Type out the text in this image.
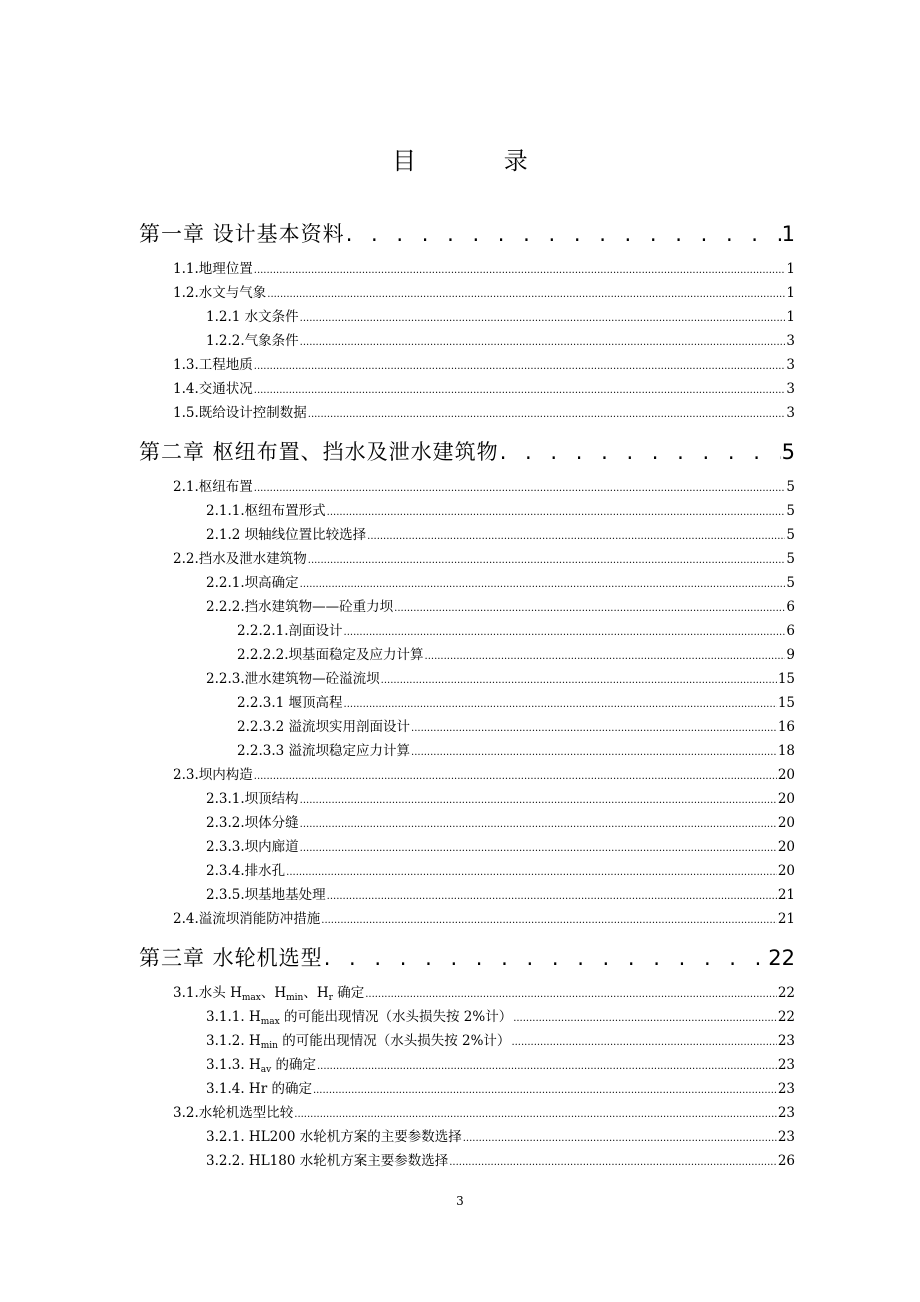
目 录
第一章 设计基本资料 . . .	1
1.1.地理位置 .....	1
1.2.水文与气象 .....	1
1.2.1 水文条件 .....	1
1.2.2.气象条件 .....	3
1.3.工程地质 .....	3
1.4.交通状况 .....	3
1.5.既给设计控制数据 .....	3
第二章 枢纽布置、挡水及泄水建筑物 . . .	5
2.1.枢纽布置 .....	5
2.1.1.枢纽布置形式 .....	5
2.1.2 坝轴线位置比较选择 .....	5
2.2.挡水及泄水建筑物 .....	5
2.2.1.坝高确定 .....	5
2.2.2.挡水建筑物——砼重力坝 .....	6
2.2.2.1.剖面设计 .....	6
2.2.2.2.坝基面稳定及应力计算 .....	9
2.2.3.泄水建筑物—砼溢流坝 .....	15
2.2.3.1 堰顶高程 .....	15
2.2.3.2 溢流坝实用剖面设计 .....	16
2.2.3.3 溢流坝稳定应力计算 .....	18
2.3.坝内构造 .....	20
2.3.1.坝顶结构 .....	20
2.3.2.坝体分缝 .....	20
2.3.3.坝内廊道 .....	20
2.3.4.排水孔 .....	20
2.3.5.坝基地基处理 .....	21
2.4.溢流坝消能防冲措施 .....	21
第三章 水轮机选型 . . .	22
3.1.水头 $H_{max}$、$H_{min}$、$H_r$ 确定 .....	22
3.1.1. $H_{max}$ 的可能出现情况（水头损失按 2%计） .....	22
3.1.2. $H_{min}$ 的可能出现情况（水头损失按 2%计） .....	23
3.1.3. $H_{av}$ 的确定 .....	23
3.1.4. Hr 的确定 .....	23
3.2.水轮机选型比较 .....	23
3.2.1. HL200 水轮机方案的主要参数选择 .....	23
3.2.2. HL180 水轮机方案主要参数选择 .....	26
3
